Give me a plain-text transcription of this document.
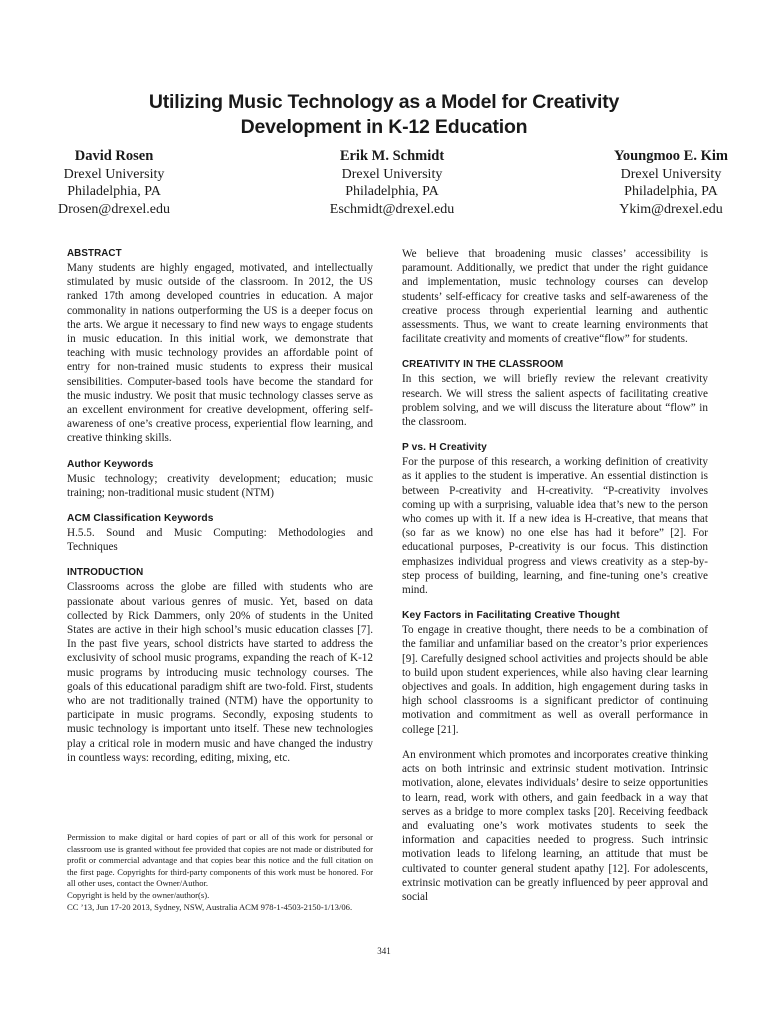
Utilizing Music Technology as a Model for Creativity
Development in K-12 Education
David Rosen
Drexel University
Philadelphia, PA
Drosen@drexel.edu
Erik M. Schmidt
Drexel University
Philadelphia, PA
Eschmidt@drexel.edu
Youngmoo E. Kim
Drexel University
Philadelphia, PA
Ykim@drexel.edu
ABSTRACT

Many students are highly engaged, motivated, and intellectually stimulated by music outside of the classroom. In 2012, the US ranked 17th among developed countries in education. A major commonality in nations outperforming the US is a deeper focus on the arts. We argue it necessary to find new ways to engage students in music education. In this initial work, we demonstrate that teaching with music technology provides an affordable point of entry for non-trained music students to express their musical sensibilities. Computer-based tools have become the standard for the music industry. We posit that music technology classes serve as an excellent environment for creative development, offering self-awareness of one’s creative process, experiential flow learning, and creative thinking skills.

Author Keywords

Music technology; creativity development; education; music training; non-traditional music student (NTM)

ACM Classification Keywords

H.5.5. Sound and Music Computing: Methodologies and Techniques

INTRODUCTION

Classrooms across the globe are filled with students who are passionate about various genres of music. Yet, based on data collected by Rick Dammers, only 20% of students in the United States are active in their high school’s music education classes [7]. In the past five years, school districts have started to address the exclusivity of school music programs, expanding the reach of K-12 music programs by introducing music technology courses. The goals of this educational paradigm shift are two-fold. First, students who are not traditionally trained (NTM) have the opportunity to participate in music programs. Secondly, exposing students to music technology is important unto itself. These new technologies play a critical role in modern music and have changed the industry in countless ways: recording, editing, mixing, etc.

Permission to make digital or hard copies of part or all of this work for personal or classroom use is granted without fee provided that copies are not made or distributed for profit or commercial advantage and that copies bear this notice and the full citation on the first page. Copyrights for third-party components of this work must be honored. For all other uses, contact the Owner/Author.

Copyright is held by the owner/author(s).

CC ’13, Jun 17-20 2013, Sydney, NSW, Australia ACM 978-1-4503-2150-1/13/06.

We believe that broadening music classes’ accessibility is paramount. Additionally, we predict that under the right guidance and implementation, music technology courses can develop students’ self-efficacy for creative tasks and self-awareness of the creative process through experiential learning and authentic assessments. Thus, we want to create learning environments that facilitate creativity and moments of creative“flow” for students.

CREATIVITY IN THE CLASSROOM

In this section, we will briefly review the relevant creativity research. We will stress the salient aspects of facilitating creative problem solving, and we will discuss the literature about “flow” in the classroom.

P vs. H Creativity

For the purpose of this research, a working definition of creativity as it applies to the student is imperative. An essential distinction is between P-creativity and H-creativity. “P-creativity involves coming up with a surprising, valuable idea that’s new to the person who comes up with it. If a new idea is H-creative, that means that (so far as we know) no one else has had it before” [2]. For educational purposes, P-creativity is our focus. This distinction emphasizes individual progress and views creativity as a step-by-step process of building, learning, and fine-tuning one’s creative mind.

Key Factors in Facilitating Creative Thought

To engage in creative thought, there needs to be a combination of the familiar and unfamiliar based on the creator’s prior experiences [9]. Carefully designed school activities and projects should be able to build upon student experiences, while also having clear learning objectives and goals. In addition, high engagement during tasks in high school classrooms is a significant predictor of continuing motivation and commitment as well as overall performance in college [21].

An environment which promotes and incorporates creative thinking acts on both intrinsic and extrinsic student motivation. Intrinsic motivation, alone, elevates individuals’ desire to seize opportunities to learn, read, work with others, and gain feedback in a way that serves as a bridge to more complex tasks [20]. Receiving feedback and evaluating one’s work motivates students to seek the information and capacities needed to progress. Such intrinsic motivation leads to lifelong learning, an attitude that must be cultivated to counter general student apathy [12]. For adolescents, extrinsic motivation can be greatly influenced by peer approval and social

341
